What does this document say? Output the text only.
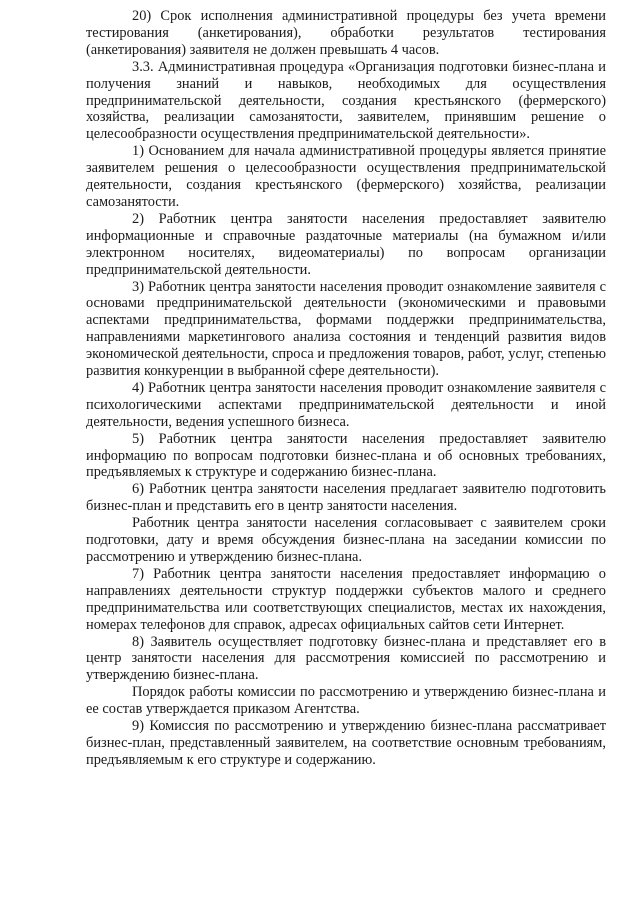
20) Срок исполнения административной процедуры без учета времени тестирования (анкетирования), обработки результатов тестирования (анкетирования) заявителя не должен превышать 4 часов.

3.3. Административная процедура «Организация подготовки бизнес-плана и получения знаний и навыков, необходимых для осуществления предпринимательской деятельности, создания крестьянского (фермерского) хозяйства, реализации самозанятости, заявителем, принявшим решение о целесообразности осуществления предпринимательской деятельности».

1) Основанием для начала административной процедуры является принятие заявителем решения о целесообразности осуществления предпринимательской деятельности, создания крестьянского (фермерского) хозяйства, реализации самозанятости.

2) Работник центра занятости населения предоставляет заявителю информационные и справочные раздаточные материалы (на бумажном и/или электронном носителях, видеоматериалы) по вопросам организации предпринимательской деятельности.

3) Работник центра занятости населения проводит ознакомление заявителя с основами предпринимательской деятельности (экономическими и правовыми аспектами предпринимательства, формами поддержки предпринимательства, направлениями маркетингового анализа состояния и тенденций развития видов экономической деятельности, спроса и предложения товаров, работ, услуг, степенью развития конкуренции в выбранной сфере деятельности).

4) Работник центра занятости населения проводит ознакомление заявителя с психологическими аспектами предпринимательской деятельности и иной деятельности, ведения успешного бизнеса.

5) Работник центра занятости населения предоставляет заявителю информацию по вопросам подготовки бизнес-плана и об основных требованиях, предъявляемых к структуре и содержанию бизнес-плана.

6) Работник центра занятости населения предлагает заявителю подготовить бизнес-план и представить его в центр занятости населения.

Работник центра занятости населения согласовывает с заявителем сроки подготовки, дату и время обсуждения бизнес-плана на заседании комиссии по рассмотрению и утверждению бизнес-плана.

7) Работник центра занятости населения предоставляет информацию о направлениях деятельности структур поддержки субъектов малого и среднего предпринимательства или соответствующих специалистов, местах их нахождения, номерах телефонов для справок, адресах официальных сайтов сети Интернет.

8) Заявитель осуществляет подготовку бизнес-плана и представляет его в центр занятости населения для рассмотрения комиссией по рассмотрению и утверждению бизнес-плана.

Порядок работы комиссии по рассмотрению и утверждению бизнес-плана и ее состав утверждается приказом Агентства.

9) Комиссия по рассмотрению и утверждению бизнес-плана рассматривает бизнес-план, представленный заявителем, на соответствие основным требованиям, предъявляемым к его структуре и содержанию.
